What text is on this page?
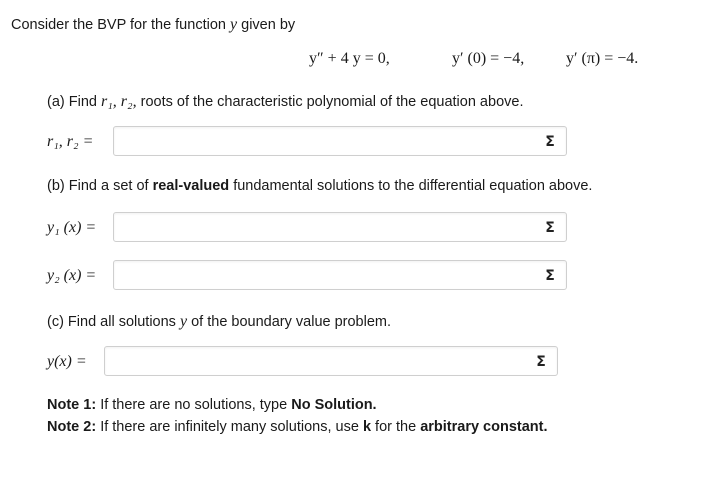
Consider the BVP for the function y given by
y″ + 4 y = 0,	y′ (0) = −4,	y′ (π) = −4.
(a) Find r₁, r₂, roots of the characteristic polynomial of the equation above.
r₁, r₂ =	Σ
(b) Find a set of real-valued fundamental solutions to the differential equation above.
y₁ (x) =	Σ
y₂ (x) =	Σ
(c) Find all solutions y of the boundary value problem.
y(x) =	Σ
Note 1: If there are no solutions, type No Solution.
Note 2: If there are infinitely many solutions, use k for the arbitrary constant.
